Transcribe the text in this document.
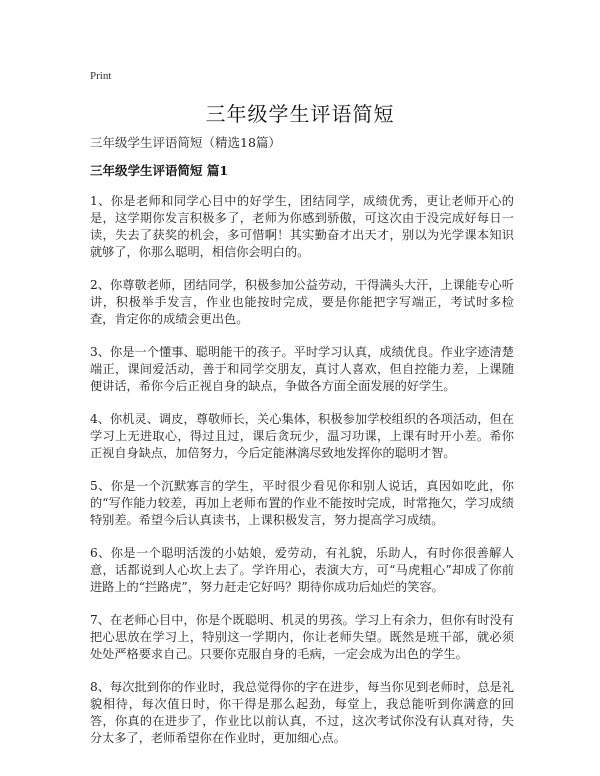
Print
三年级学生评语简短

三年级学生评语简短（精选18篇）

三年级学生评语简短 篇1

1、你是老师和同学心目中的好学生，团结同学，成绩优秀，更让老师开心的是，这学期你发言积极多了，老师为你感到骄傲，可这次由于没完成好每日一读，失去了获奖的机会，多可惜啊！其实勤奋才出天才，别以为光学课本知识就够了，你那么聪明，相信你会明白的。

2、你尊敬老师，团结同学，积极参加公益劳动，干得满头大汗，上课能专心听讲，积极举手发言，作业也能按时完成，要是你能把字写端正，考试时多检查，肯定你的成绩会更出色。

3、你是一个懂事、聪明能干的孩子。平时学习认真，成绩优良。作业字迹清楚端正，课间爱活动，善于和同学交朋友，真讨人喜欢，但自控能力差，上课随便讲话，希你今后正视自身的缺点，争做各方面全面发展的好学生。

4、你机灵、调皮，尊敬师长，关心集体，积极参加学校组织的各项活动，但在学习上无进取心，得过且过，课后贪玩少，温习功课，上课有时开小差。希你正视自身缺点，加倍努力，今后定能淋漓尽致地发挥你的聪明才智。

5、你是一个沉默寡言的学生，平时很少看见你和别人说话，真因如吃此，你的“写作能力较差，再加上老师布置的作业不能按时完成，时常拖欠，学习成绩特别差。希望今后认真读书，上课积极发言，努力提高学习成绩。

6、你是一个聪明活泼的小姑娘，爱劳动，有礼貌，乐助人，有时你很善解人意，话都说到人心坎上去了。学许用心，表演大方，可“马虎粗心”却成了你前进路上的“拦路虎”，努力赶走它好吗？期待你成功后灿烂的笑容。

7、在老师心目中，你是个既聪明、机灵的男孩。学习上有余力，但你有时没有把心思放在学习上，特别这一学期内，你让老师失望。既然是班干部，就必须处处严格要求自己。只要你克服自身的毛病，一定会成为出色的学生。

8、每次批到你的作业时，我总觉得你的字在进步，每当你见到老师时，总是礼貌相待，每次值日时，你干得是那么起劲，每堂上，我总能听到你满意的回答，你真的在进步了，作业比以前认真，不过，这次考试你没有认真对待，失分太多了，老师希望你在作业时，更加细心点。
